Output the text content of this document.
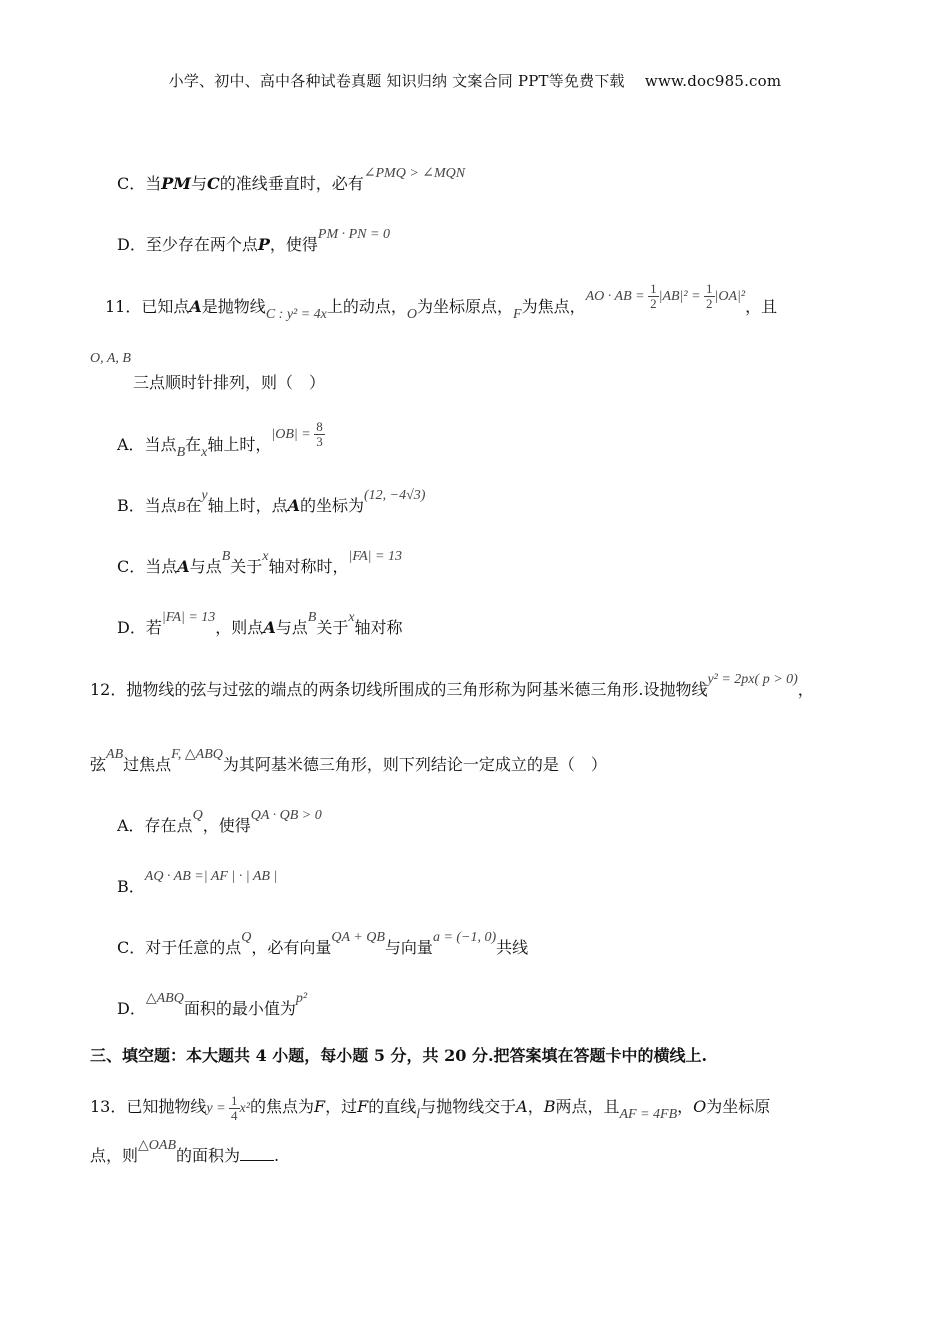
小学、初中、高中各种试卷真题 知识归纳 文案合同 PPT等免费下载　 www.doc985.com
C．当PM与C的准线垂直时，必有∠PMQ > ∠MQN
D．至少存在两个点P，使得PM · PN = 0
11．已知点A是抛物线C : y² = 4x上的动点，O为坐标原点，F为焦点，AO · AB = $\frac{1}{2} |AB|^2 = \frac{1}{2} |OA|^2$，且
O, A, B
三点顺时针排列，则（　）
A．当点B在x轴上时，$|OB| = \frac{8}{3}$
B．当点B在y轴上时，点A的坐标为(12, −4√3)
C．当点A与点B关于x轴对称时，|FA| = 13
D．若|FA| = 13，则点A与点B关于x轴对称
12．抛物线的弦与过弦的端点的两条切线所围成的三角形称为阿基米德三角形.设抛物线y² = 2px( p > 0)，
弦AB过焦点F, △ABQ为其阿基米德三角形，则下列结论一定成立的是（　）
A．存在点Q，使得QA · QB > 0
B．AQ · AB =| AF | · | AB |
C．对于任意的点Q，必有向量QA + QB与向量a = (−1, 0)共线
D．△ABQ面积的最小值为p²
三、填空题：本大题共 4 小题，每小题 5 分，共 20 分.把答案填在答题卡中的横线上.
13．已知抛物线$y = \frac{1}{4} x^2$的焦点为F，过F的直线l与抛物线交于A，B两点，且AF = 4FB，O为坐标原
点，则△OAB的面积为 .
